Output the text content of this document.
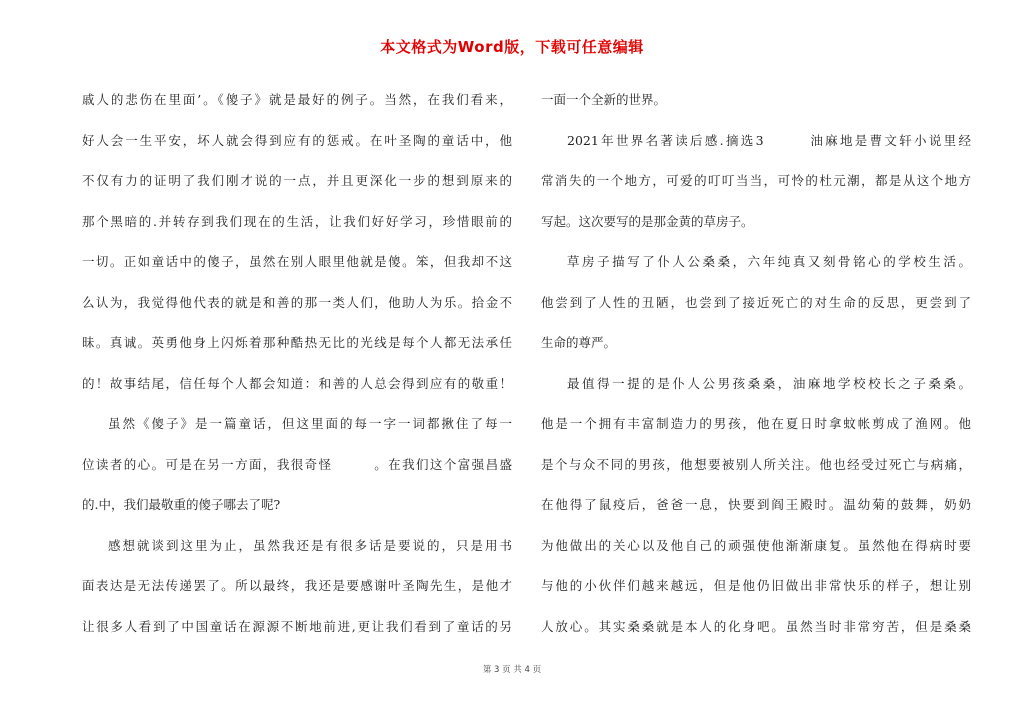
本文格式为Word版，下载可任意编辑
戚人的悲伤在里面’。《傻子》就是最好的例子。当然，在我们看来，
好人会一生平安，坏人就会得到应有的惩戒。在叶圣陶的童话中，他
不仅有力的证明了我们刚才说的一点，并且更深化一步的想到原来的
那个黑暗的.并转存到我们现在的生活，让我们好好学习，珍惜眼前的
一切。正如童话中的傻子，虽然在别人眼里他就是傻。笨，但我却不这
么认为，我觉得他代表的就是和善的那一类人们，他助人为乐。拾金不
昧。真诚。英勇他身上闪烁着那种酷热无比的光线是每个人都无法承任
的！故事结尾，信任每个人都会知道：和善的人总会得到应有的敬重！
虽然《傻子》是一篇童话，但这里面的每一字一词都揪住了每一
位读者的心。可是在另一方面，我很奇怪　　　。在我们这个富强昌盛
的.中，我们最敬重的傻子哪去了呢?
感想就谈到这里为止，虽然我还是有很多话是要说的，只是用书
面表达是无法传递罢了。所以最终，我还是要感谢叶圣陶先生，是他才
让很多人看到了中国童话在源源不断地前进,更让我们看到了童话的另
一面一个全新的世界。
2021年世界名著读后感.摘选3　　　油麻地是曹文轩小说里经
常消失的一个地方，可爱的叮叮当当，可怜的杜元潮，都是从这个地方
写起。这次要写的是那金黄的草房子。
草房子描写了仆人公桑桑，六年纯真又刻骨铭心的学校生活。
他尝到了人性的丑陋，也尝到了接近死亡的对生命的反思，更尝到了
生命的尊严。
最值得一提的是仆人公男孩桑桑，油麻地学校校长之子桑桑。
他是一个拥有丰富制造力的男孩，他在夏日时拿蚊帐剪成了渔网。他
是个与众不同的男孩，他想要被别人所关注。他也经受过死亡与病痛，
在他得了鼠疫后，爸爸一息，快要到阎王殿时。温幼菊的鼓舞，奶奶
为他做出的关心以及他自己的顽强使他渐渐康复。虽然他在得病时要
与他的小伙伴们越来越远，但是他仍旧做出非常快乐的样子，想让别
人放心。其实桑桑就是本人的化身吧。虽然当时非常穷苦，但是桑桑
第 3 页 共 4 页
